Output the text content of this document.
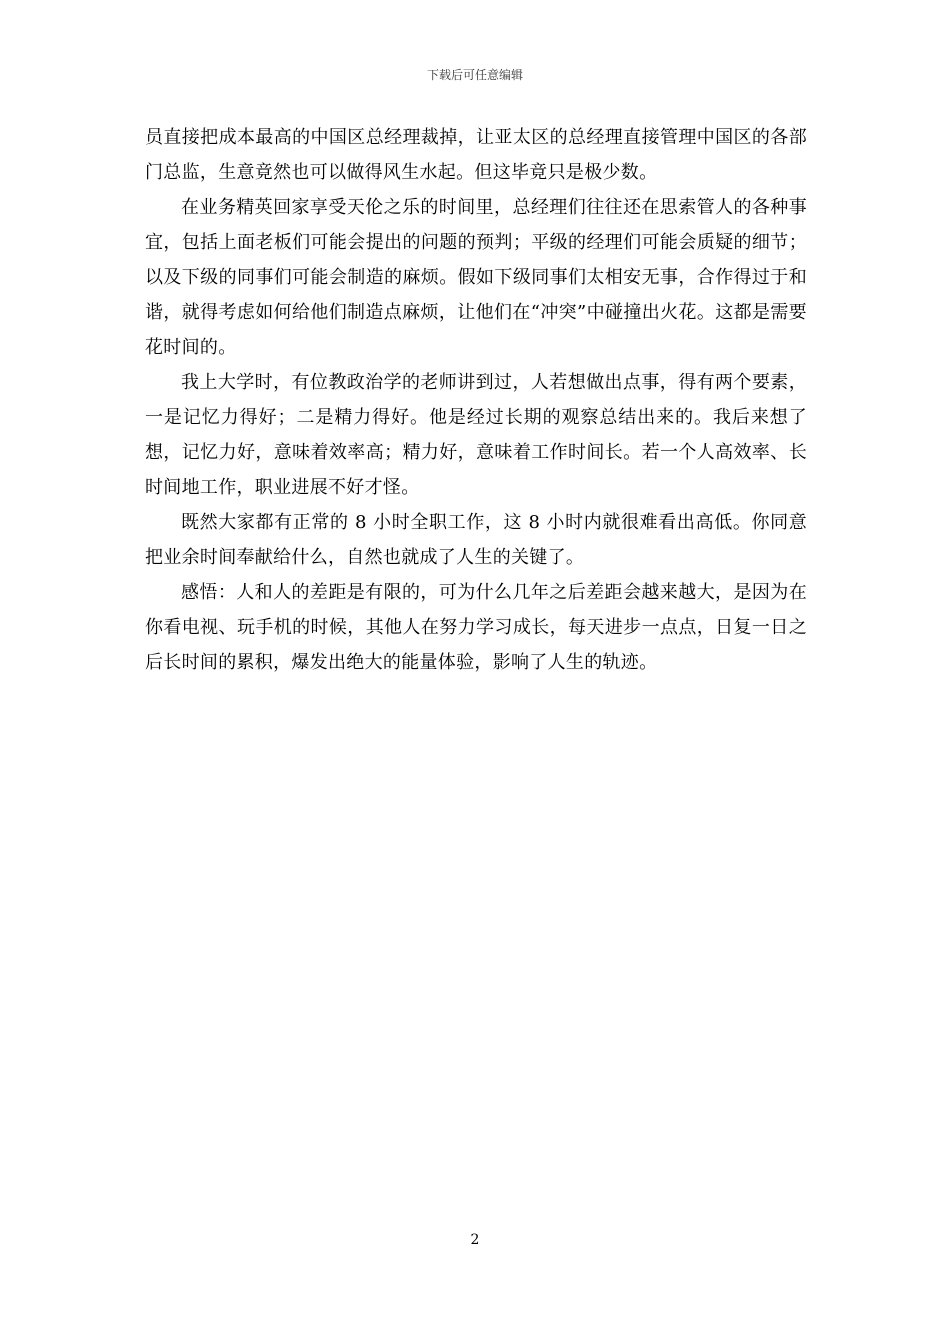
下载后可任意编辑

员直接把成本最高的中国区总经理裁掉，让亚太区的总经理直接管理中国区的各部门总监，生意竟然也可以做得风生水起。但这毕竟只是极少数。

在业务精英回家享受天伦之乐的时间里，总经理们往往还在思索管人的各种事宜，包括上面老板们可能会提出的问题的预判；平级的经理们可能会质疑的细节；以及下级的同事们可能会制造的麻烦。假如下级同事们太相安无事，合作得过于和谐，就得考虑如何给他们制造点麻烦，让他们在“冲突”中碰撞出火花。这都是需要花时间的。

我上大学时，有位教政治学的老师讲到过，人若想做出点事，得有两个要素，一是记忆力得好；二是精力得好。他是经过长期的观察总结出来的。我后来想了想，记忆力好，意味着效率高；精力好，意味着工作时间长。若一个人高效率、长时间地工作，职业进展不好才怪。

既然大家都有正常的 8 小时全职工作，这 8 小时内就很难看出高低。你同意把业余时间奉献给什么，自然也就成了人生的关键了。

感悟：人和人的差距是有限的，可为什么几年之后差距会越来越大，是因为在你看电视、玩手机的时候，其他人在努力学习成长，每天进步一点点，日复一日之后长时间的累积，爆发出绝大的能量体验，影响了人生的轨迹。

2
